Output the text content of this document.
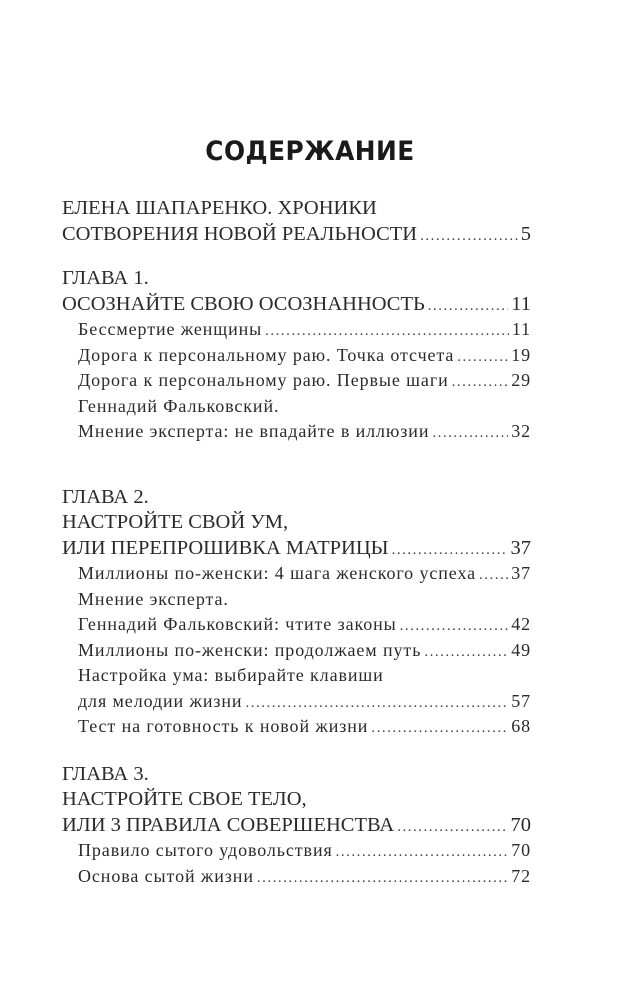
СОДЕРЖАНИЕ
ЕЛЕНА ШАПАРЕНКО. ХРОНИКИ
СОТВОРЕНИЯ НОВОЙ РЕАЛЬНОСТИ .....	5
ГЛАВА 1.
ОСОЗНАЙТЕ СВОЮ ОСОЗНАННОСТЬ .....	11
Бессмертие женщины .....	11
Дорога к персональному раю. Точка отсчета .....	19
Дорога к персональному раю. Первые шаги .....	29
Геннадий Фальковский.
Мнение эксперта: не впадайте в иллюзии .....	32
ГЛАВА 2.
НАСТРОЙТЕ СВОЙ УМ,
ИЛИ ПЕРЕПРОШИВКА МАТРИЦЫ .....	37
Миллионы по-женски: 4 шага женского успеха ..... 37
Мнение эксперта.
Геннадий Фальковский: чтите законы .....	42
Миллионы по-женски: продолжаем путь .....	49
Настройка ума: выбирайте клавиши
для мелодии жизни .....	57
Тест на готовность к новой жизни .....	68
ГЛАВА 3.
НАСТРОЙТЕ СВОЕ ТЕЛО,
ИЛИ 3 ПРАВИЛА СОВЕРШЕНСТВА .....	70
Правило сытого удовольствия .....	70
Основа сытой жизни .....	72
